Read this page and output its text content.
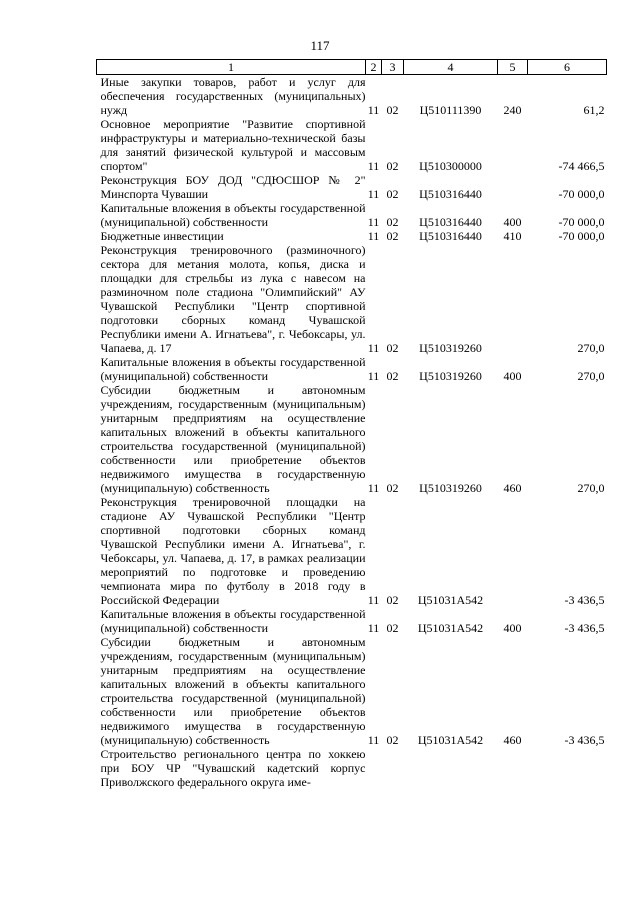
117
1	2	3	4	5	6
Иные закупки товаров, работ и услуг для обеспечения государственных (муниципальных) нужд	11	02	Ц510111390	240	61,2
Основное мероприятие "Развитие спортивной инфраструктуры и материально-технической базы для занятий физической культурой и массовым спортом"	11	02	Ц510300000		-74 466,5
Реконструкция БОУ ДОД "СДЮСШОР № 2" Минспорта Чувашии	11	02	Ц510316440		-70 000,0
Капитальные вложения в объекты государственной (муниципальной) собственности	11	02	Ц510316440	400	-70 000,0
Бюджетные инвестиции	11	02	Ц510316440	410	-70 000,0
Реконструкция тренировочного (разминочного) сектора для метания молота, копья, диска и площадки для стрельбы из лука с навесом на разминочном поле стадиона "Олимпийский" АУ Чувашской Республики "Центр спортивной подготовки сборных команд Чувашской Республики имени А. Игнатьева", г. Чебоксары, ул. Чапаева, д. 17	11	02	Ц510319260		270,0
Капитальные вложения в объекты государственной (муниципальной) собственности	11	02	Ц510319260	400	270,0
Субсидии бюджетным и автономным учреждениям, государственным (муниципальным) унитарным предприятиям на осуществление капитальных вложений в объекты капитального строительства государственной (муниципальной) собственности или приобретение объектов недвижимого имущества в государственную (муниципальную) собственность	11	02	Ц510319260	460	270,0
Реконструкция тренировочной площадки на стадионе АУ Чувашской Республики "Центр спортивной подготовки сборных команд Чувашской Республики имени А. Игнатьева", г. Чебоксары, ул. Чапаева, д. 17, в рамках реализации мероприятий по подготовке и проведению чемпионата мира по футболу в 2018 году в Российской Федерации	11	02	Ц51031А542		-3 436,5
Капитальные вложения в объекты государственной (муниципальной) собственности	11	02	Ц51031А542	400	-3 436,5
Субсидии бюджетным и автономным учреждениям, государственным (муниципальным) унитарным предприятиям на осуществление капитальных вложений в объекты капитального строительства государственной (муниципальной) собственности или приобретение объектов недвижимого имущества в государственную (муниципальную) собственность	11	02	Ц51031А542	460	-3 436,5
Строительство регионального центра по хоккею при БОУ ЧР "Чувашский кадетский корпус Приволжского федерального округа име-					
